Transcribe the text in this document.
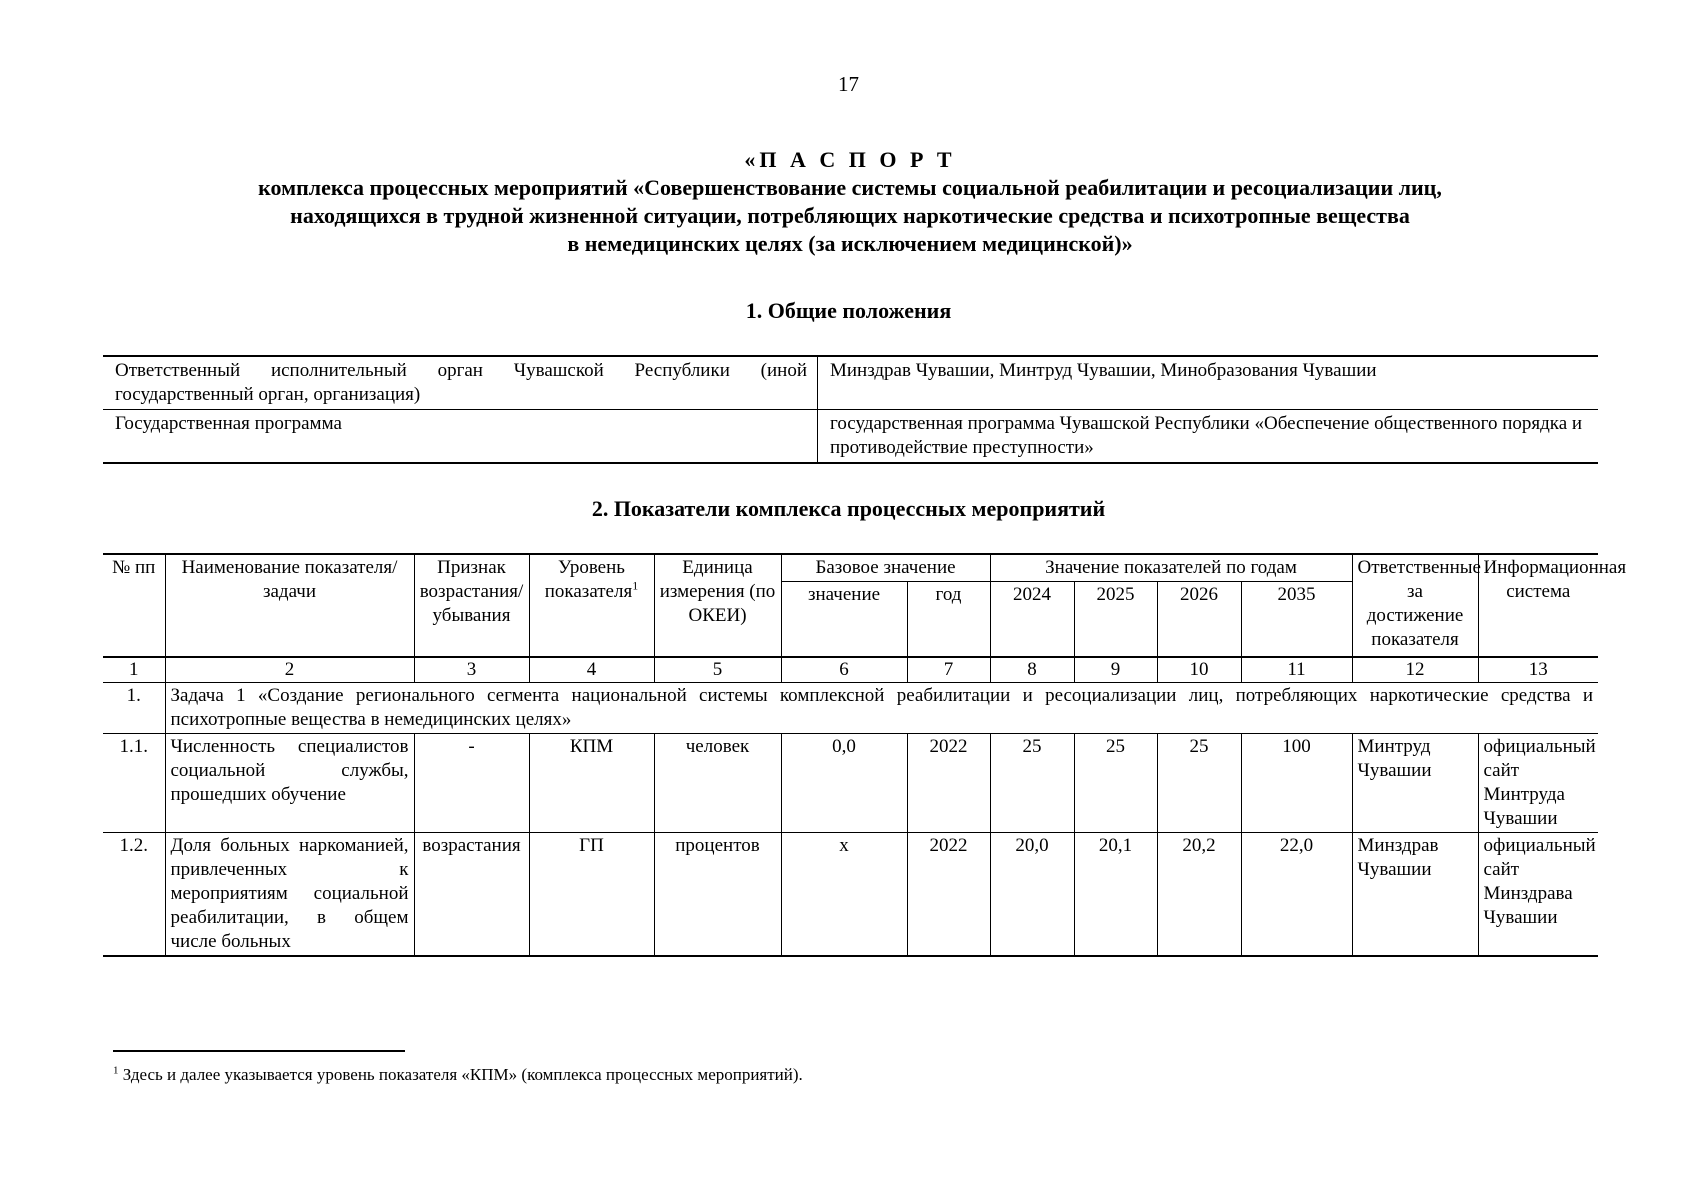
17
«П А С П О Р Т
комплекса процессных мероприятий «Совершенствование системы социальной реабилитации и ресоциализации лиц,
находящихся в трудной жизненной ситуации, потребляющих наркотические средства и психотропные вещества
в немедицинских целях (за исключением медицинской)»
1. Общие положения
Ответственный исполнительный орган Чувашской Республики (иной государственный орган, организация)	Минздрав Чувашии, Минтруд Чувашии, Минобразования Чувашии
Государственная программа	государственная программа Чувашской Республики «Обеспечение общественного порядка и противодействие преступности»
2. Показатели комплекса процессных мероприятий
№ пп	Наименование показателя/задачи	Признак возрастания/убывания	Уровень показателя$^1$	Единица измерения (по ОКЕИ)	Базовое значение		Значение показателей по годам				Ответственные за достижение показателя	Информационная система
					значение	год	2024	2025	2026	2035		
1	2	3	4	5	6	7	8	9	10	11	12	13
1.	Задача 1 «Создание регионального сегмента национальной системы комплексной реабилитации и ресоциализации лиц, потребляющих наркотические средства и психотропные вещества в немедицинских целях»											
1.1.	Численность специалистов социальной службы, прошедших обучение	-	КПМ	человек	0,0	2022	25	25	25	100	Минтруд Чувашии	официальный сайт Минтруда Чувашии
1.2.	Доля больных наркоманией, привлеченных к мероприятиям социальной реабилитации, в общем числе больных	возрастания	ГП	процентов	х	2022	20,0	20,1	20,2	22,0	Минздрав Чувашии	официальный сайт Минздрава Чувашии
$^1$ Здесь и далее указывается уровень показателя «КПМ» (комплекса процессных мероприятий).
